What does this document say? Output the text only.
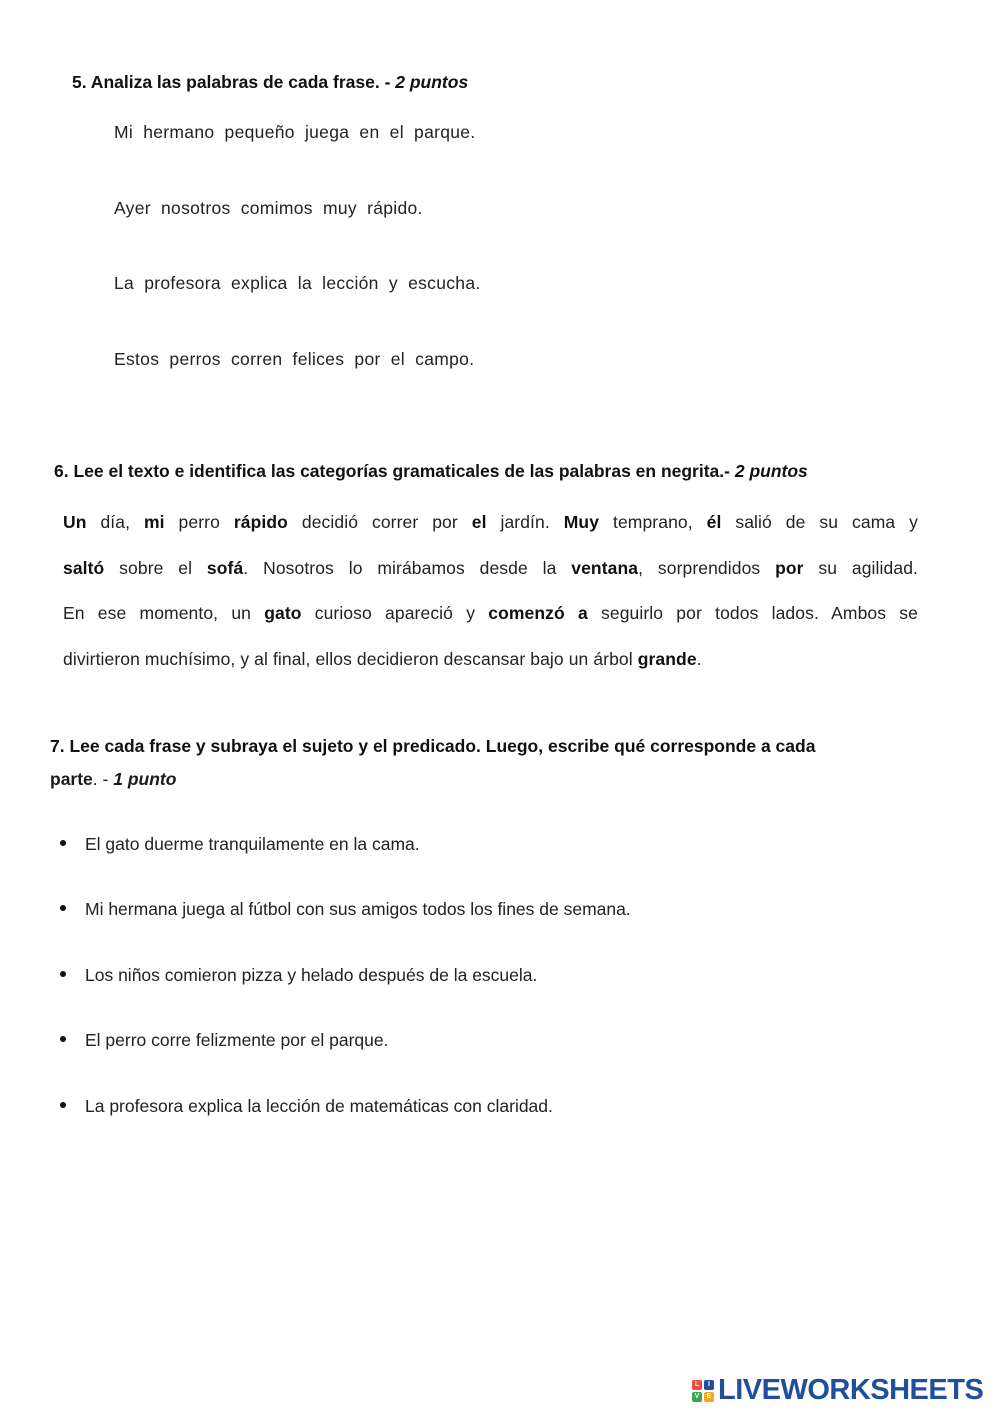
5. Analiza las palabras de cada frase. - 2 puntos
Mi hermano pequeño juega en el parque.
Ayer nosotros comimos muy rápido.
La profesora explica la lección y escucha.
Estos perros corren felices por el campo.
6. Lee el texto e identifica las categorías gramaticales de las palabras en negrita.- 2 puntos
Un día, mi perro rápido decidió correr por el jardín. Muy temprano, él salió de su cama y
saltó sobre el sofá. Nosotros lo mirábamos desde la ventana, sorprendidos por su agilidad.
En ese momento, un gato curioso apareció y comenzó a seguirlo por todos lados. Ambos se
divirtieron muchísimo, y al final, ellos decidieron descansar bajo un árbol grande.
7. Lee cada frase y subraya el sujeto y el predicado. Luego, escribe qué corresponde a cada
parte. - 1 punto
El gato duerme tranquilamente en la cama.
Mi hermana juega al fútbol con sus amigos todos los fines de semana.
Los niños comieron pizza y helado después de la escuela.
El perro corre felizmente por el parque.
La profesora explica la lección de matemáticas con claridad.
L	I
V	E LIVEWORKSHEETS
